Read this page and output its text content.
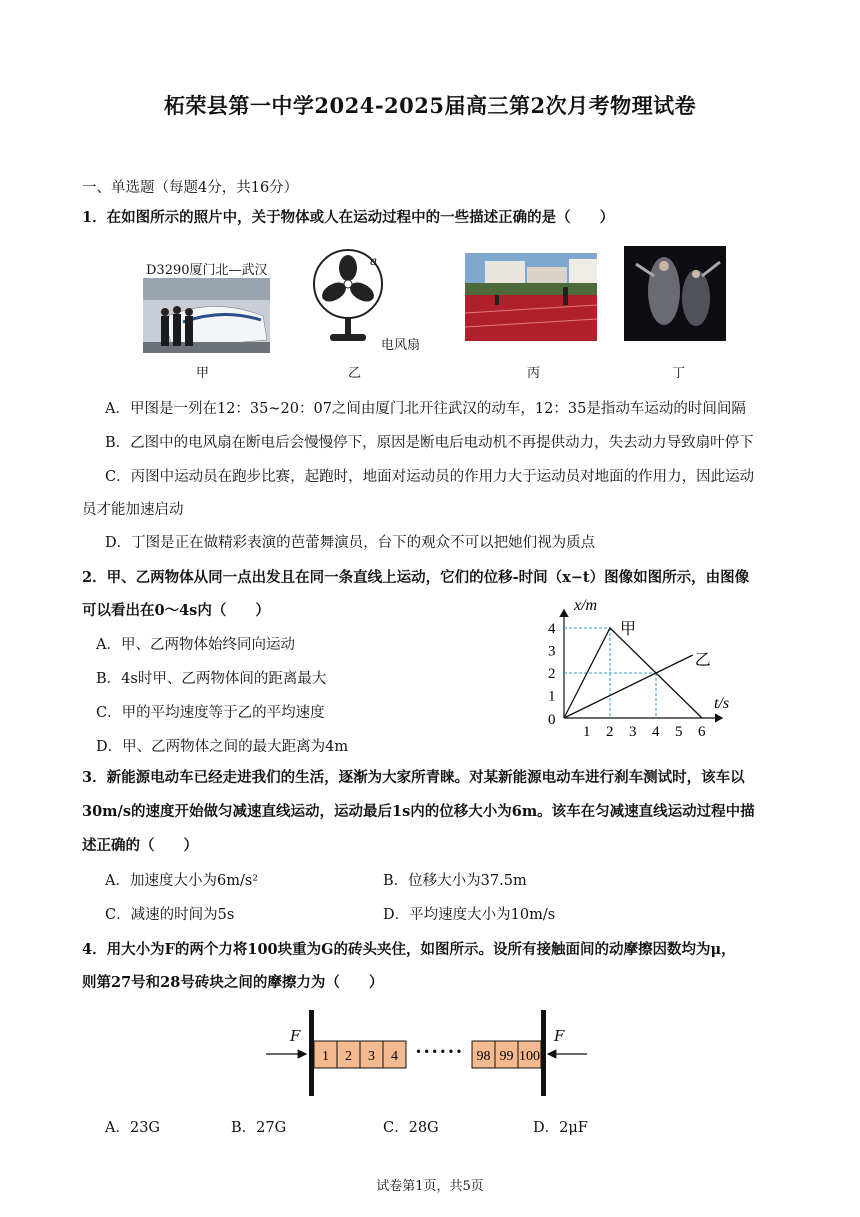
柘荣县第一中学2024-2025届高三第2次月考物理试卷
一、单选题（每题4分，共16分）
1．在如图所示的照片中，关于物体或人在运动过程中的一些描述正确的是（　　）
D3290厦门北—武汉
a
电风扇
甲	乙	丙	丁
A．甲图是一列在12：35~20：07之间由厦门北开往武汉的动车，12：35是指动车运动的时间间隔
B．乙图中的电风扇在断电后会慢慢停下，原因是断电后电动机不再提供动力，失去动力导致扇叶停下
C．丙图中运动员在跑步比赛，起跑时，地面对运动员的作用力大于运动员对地面的作用力，因此运动
员才能加速启动
D．丁图是正在做精彩表演的芭蕾舞演员，台下的观众不可以把她们视为质点
2．甲、乙两物体从同一点出发且在同一条直线上运动，它们的位移-时间（x−t）图像如图所示，由图像
可以看出在0～4s内（　　）
A．甲、乙两物体始终同向运动
B．4s时甲、乙两物体间的距离最大
C．甲的平均速度等于乙的平均速度
D．甲、乙两物体之间的最大距离为4m
甲
乙
1 2 3 4 5 6
1
2
3
4
0
x/m
t/s
3．新能源电动车已经走进我们的生活，逐渐为大家所青睐。对某新能源电动车进行刹车测试时，该车以
30m/s的速度开始做匀减速直线运动，运动最后1s内的位移大小为6m。该车在匀减速直线运动过程中描
述正确的（　　）
A．加速度大小为6m/s²	B．位移大小为37.5m
C．减速的时间为5s	D．平均速度大小为10m/s
4．用大小为F的两个力将100块重为G的砖头夹住，如图所示。设所有接触面间的动摩擦因数均为μ，
则第27号和28号砖块之间的摩擦力为（　　）
1 2 3 4	98 99 100
F	F
••••••
A．23G	B．27G	C．28G	D．2μF
试卷第1页，共5页
